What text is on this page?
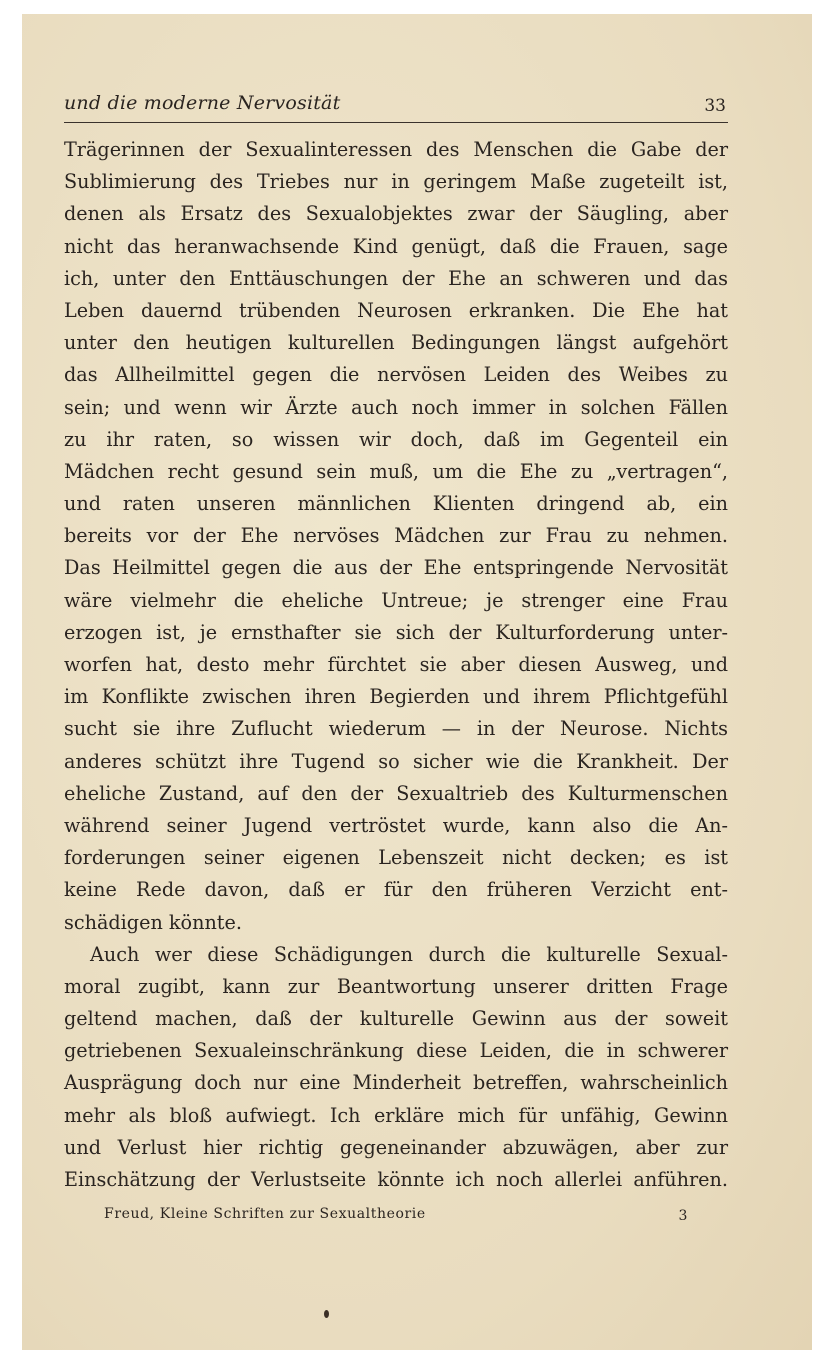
und die moderne Nervosität	33
Trägerinnen der Sexualinteressen des Menschen die Gabe der
Sublimierung des Triebes nur in geringem Maße zugeteilt ist,
denen als Ersatz des Sexualobjektes zwar der Säugling, aber
nicht das heranwachsende Kind genügt, daß die Frauen, sage
ich, unter den Enttäuschungen der Ehe an schweren und das
Leben dauernd trübenden Neurosen erkranken. Die Ehe hat
unter den heutigen kulturellen Bedingungen längst aufgehört
das Allheilmittel gegen die nervösen Leiden des Weibes zu
sein; und wenn wir Ärzte auch noch immer in solchen Fällen
zu ihr raten, so wissen wir doch, daß im Gegenteil ein
Mädchen recht gesund sein muß, um die Ehe zu „vertragen“,
und raten unseren männlichen Klienten dringend ab, ein
bereits vor der Ehe nervöses Mädchen zur Frau zu nehmen.
Das Heilmittel gegen die aus der Ehe entspringende Nervosität
wäre vielmehr die eheliche Untreue; je strenger eine Frau
erzogen ist, je ernsthafter sie sich der Kulturforderung unter-
worfen hat, desto mehr fürchtet sie aber diesen Ausweg, und
im Konflikte zwischen ihren Begierden und ihrem Pflichtgefühl
sucht sie ihre Zuflucht wiederum — in der Neurose. Nichts
anderes schützt ihre Tugend so sicher wie die Krankheit. Der
eheliche Zustand, auf den der Sexualtrieb des Kulturmenschen
während seiner Jugend vertröstet wurde, kann also die An-
forderungen seiner eigenen Lebenszeit nicht decken; es ist
keine Rede davon, daß er für den früheren Verzicht ent-
schädigen könnte.
Auch wer diese Schädigungen durch die kulturelle Sexual-
moral zugibt, kann zur Beantwortung unserer dritten Frage
geltend machen, daß der kulturelle Gewinn aus der soweit
getriebenen Sexualeinschränkung diese Leiden, die in schwerer
Ausprägung doch nur eine Minderheit betreffen, wahrscheinlich
mehr als bloß aufwiegt. Ich erkläre mich für unfähig, Gewinn
und Verlust hier richtig gegeneinander abzuwägen, aber zur
Einschätzung der Verlustseite könnte ich noch allerlei anführen.
Freud, Kleine Schriften zur Sexualtheorie	3
